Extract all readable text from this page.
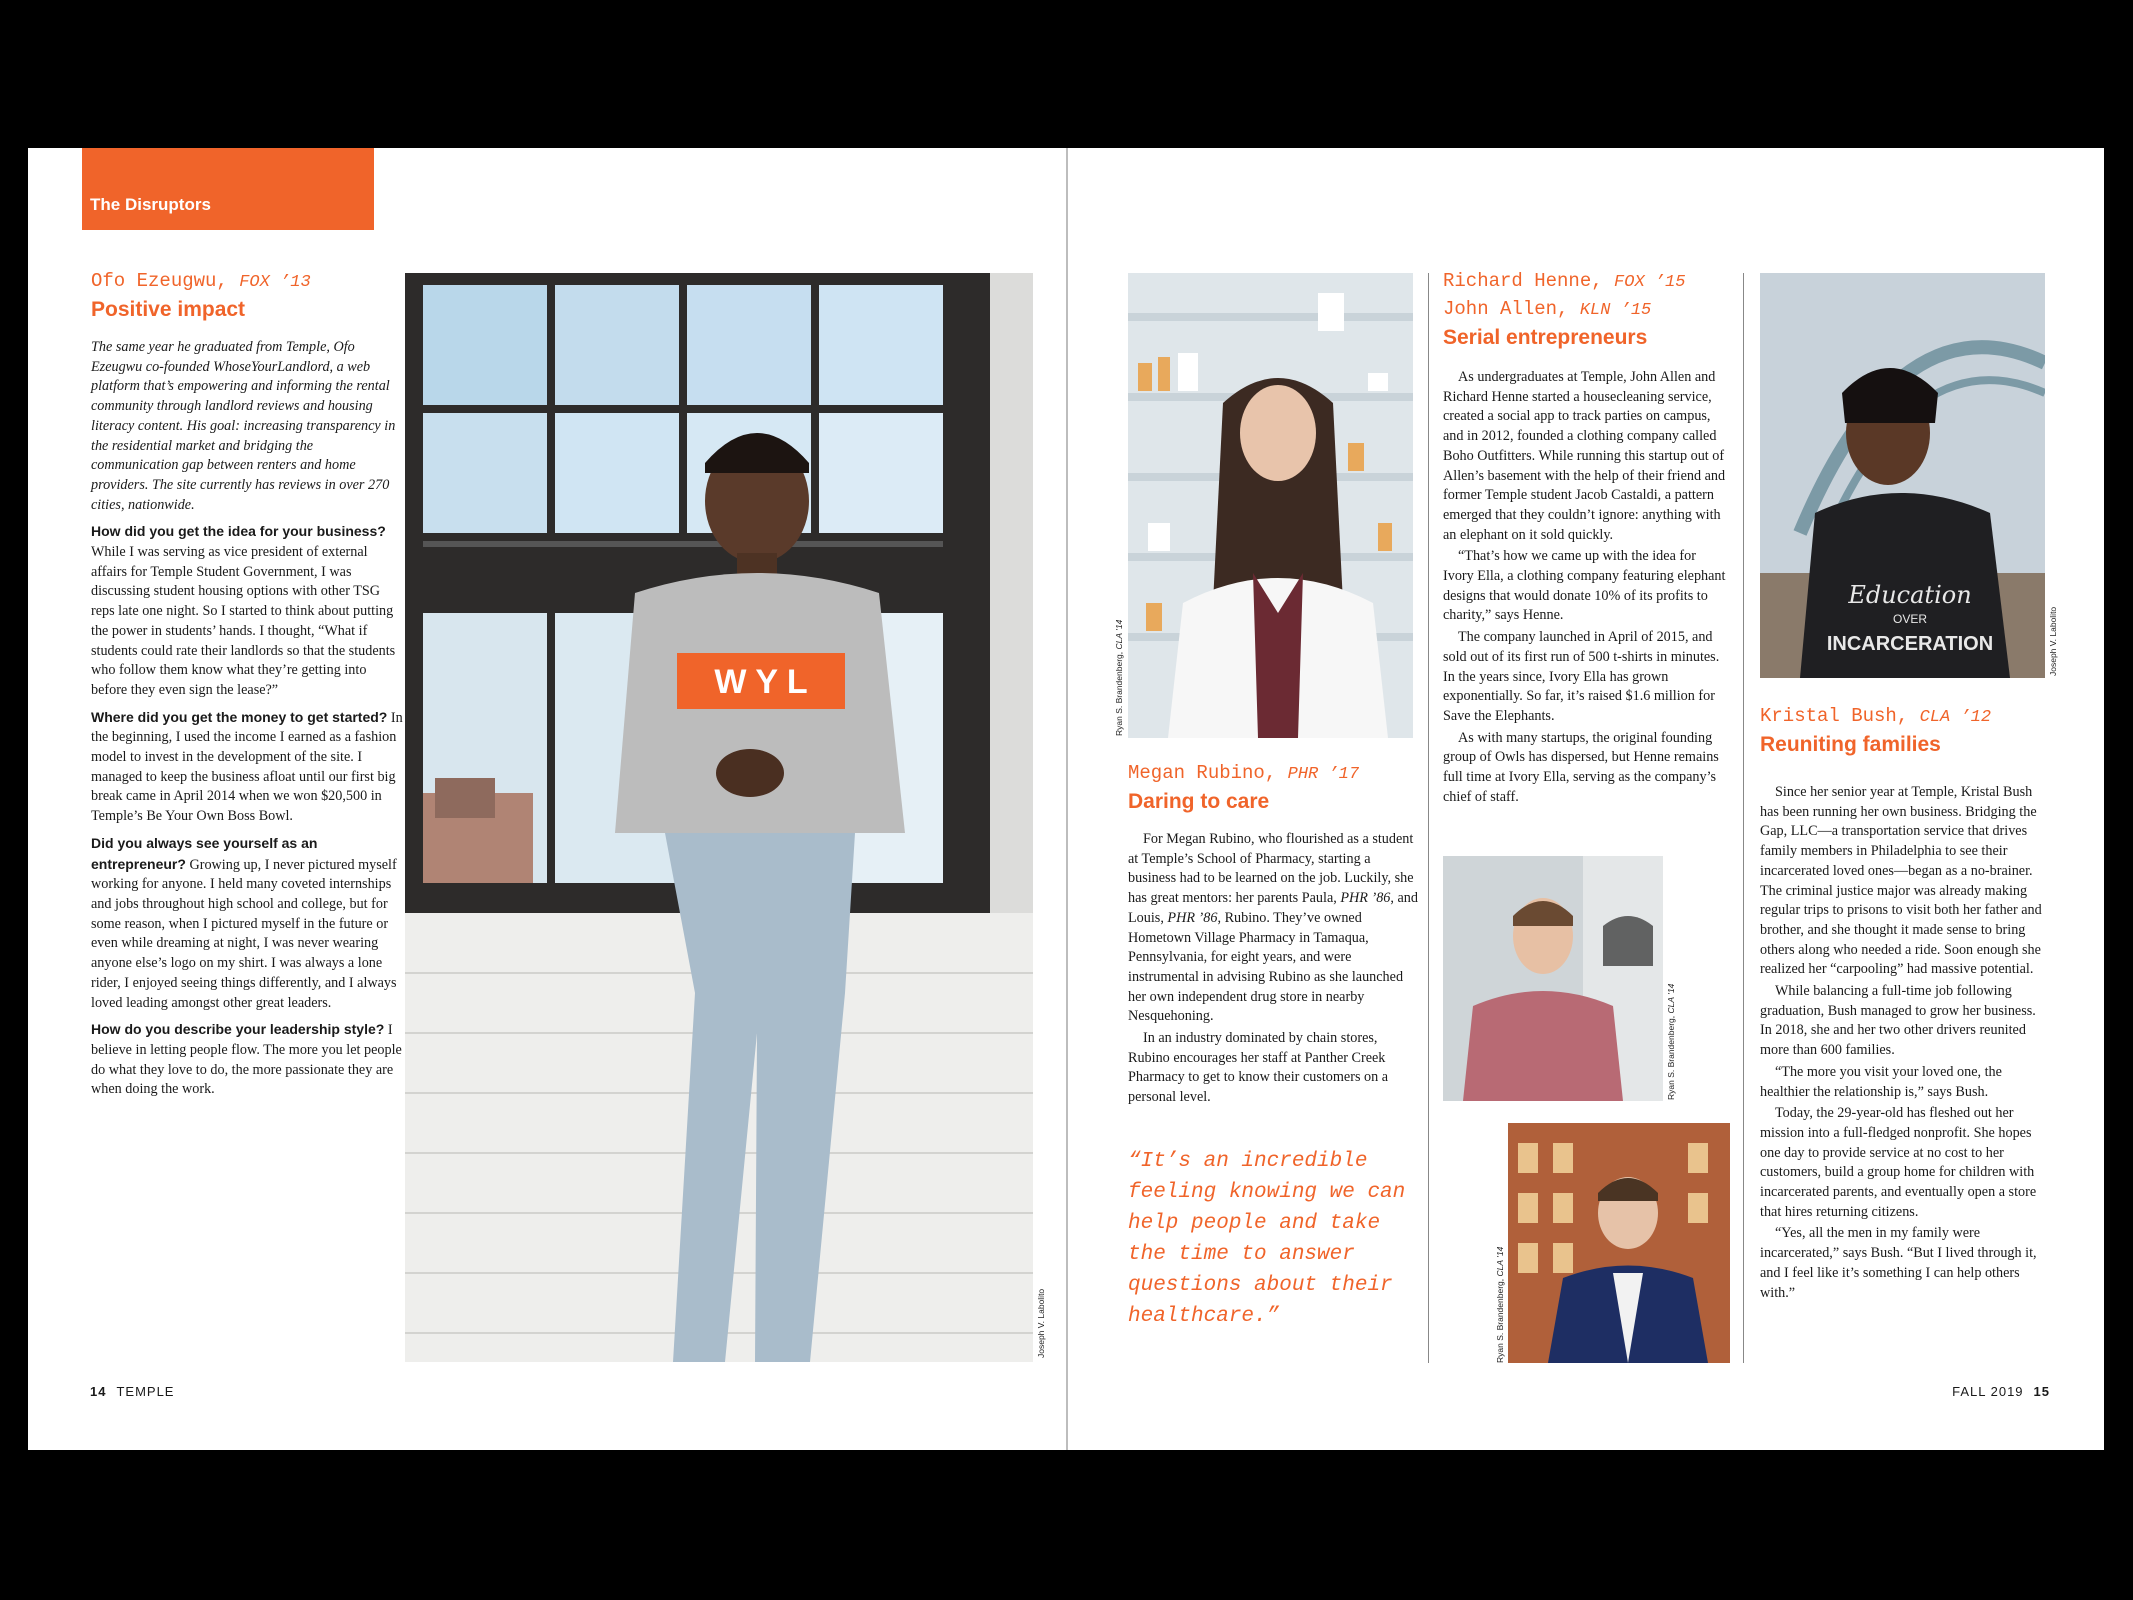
The Disruptors
Ofo Ezeugwu, FOX ’13
Positive impact
The same year he graduated from Temple, Ofo Ezeugwu co-founded WhoseYourLandlord, a web platform that’s empowering and informing the rental community through landlord reviews and housing literacy content. His goal: increasing transparency in the residential market and bridging the communication gap between renters and home providers. The site currently has reviews in over 270 cities, nationwide.
How did you get the idea for your business? While I was serving as vice president of external affairs for Temple Student Government, I was discussing student housing options with other TSG reps late one night. So I started to think about putting the power in students’ hands. I thought, “What if students could rate their landlords so that the students who follow them know what they’re getting into before they even sign the lease?”
Where did you get the money to get started? In the beginning, I used the income I earned as a fashion model to invest in the development of the site. I managed to keep the business afloat until our first big break came in April 2014 when we won $20,500 in Temple’s Be Your Own Boss Bowl.
Did you always see yourself as an entrepreneur? Growing up, I never pictured myself working for anyone. I held many coveted internships and jobs throughout high school and college, but for some reason, when I pictured myself in the future or even while dreaming at night, I was never wearing anyone else’s logo on my shirt. I was always a lone rider, I enjoyed seeing things differently, and I always loved leading amongst other great leaders.
How do you describe your leadership style? I believe in letting people flow. The more you let people do what they love to do, the more passionate they are when doing the work.
W Y L
Joseph V. Labolito
14 TEMPLE
Ryan S. Brandenberg, CLA ’14
Megan Rubino, PHR ’17
Daring to care

For Megan Rubino, who flourished as a student at Temple’s School of Pharmacy, starting a business had to be learned on the job. Luckily, she has great mentors: her parents Paula, PHR ’86, and Louis, PHR ’86, Rubino. They’ve owned Hometown Village Pharmacy in Tamaqua, Pennsylvania, for eight years, and were instrumental in advising Rubino as she launched her own independent drug store in nearby Nesquehoning.

In an industry dominated by chain stores, Rubino encourages her staff at Panther Creek Pharmacy to get to know their customers on a personal level.

“It’s an incredible feeling knowing we can help people and take the time to answer questions about their healthcare.”
Richard Henne, FOX ’15
John Allen, KLN ’15
Serial entrepreneurs

As undergraduates at Temple, John Allen and Richard Henne started a housecleaning service, created a social app to track parties on campus, and in 2012, founded a clothing company called Boho Outfitters. While running this startup out of Allen’s basement with the help of their friend and former Temple student Jacob Castaldi, a pattern emerged that they couldn’t ignore: anything with an elephant on it sold quickly.

“That’s how we came up with the idea for Ivory Ella, a clothing company featuring elephant designs that would donate 10% of its profits to charity,” says Henne.

The company launched in April of 2015, and sold out of its first run of 500 t-shirts in minutes. In the years since, Ivory Ella has grown exponentially. So far, it’s raised $1.6 million for Save the Elephants.

As with many startups, the original founding group of Owls has dispersed, but Henne remains full time at Ivory Ella, serving as the company’s chief of staff.

Ryan S. Brandenberg, CLA ’14
Ryan S. Brandenberg, CLA ’14
Education
OVER
INCARCERATION	Joseph V. Labolito
Kristal Bush, CLA ’12
Reuniting families

Since her senior year at Temple, Kristal Bush has been running her own business. Bridging the Gap, LLC—a transportation service that drives family members in Philadelphia to see their incarcerated loved ones—began as a no-brainer. The criminal justice major was already making regular trips to prisons to visit both her father and brother, and she thought it made sense to bring others along who needed a ride. Soon enough she realized her “carpooling” had massive potential.

While balancing a full-time job following graduation, Bush managed to grow her business. In 2018, she and her two other drivers reunited more than 600 families.

“The more you visit your loved one, the healthier the relationship is,” says Bush.

Today, the 29-year-old has fleshed out her mission into a full-fledged nonprofit. She hopes one day to provide service at no cost to her customers, build a group home for children with incarcerated parents, and eventually open a store that hires returning citizens.

“Yes, all the men in my family were incarcerated,” says Bush. “But I lived through it, and I feel like it’s something I can help others with.”

FALL 2019 15
